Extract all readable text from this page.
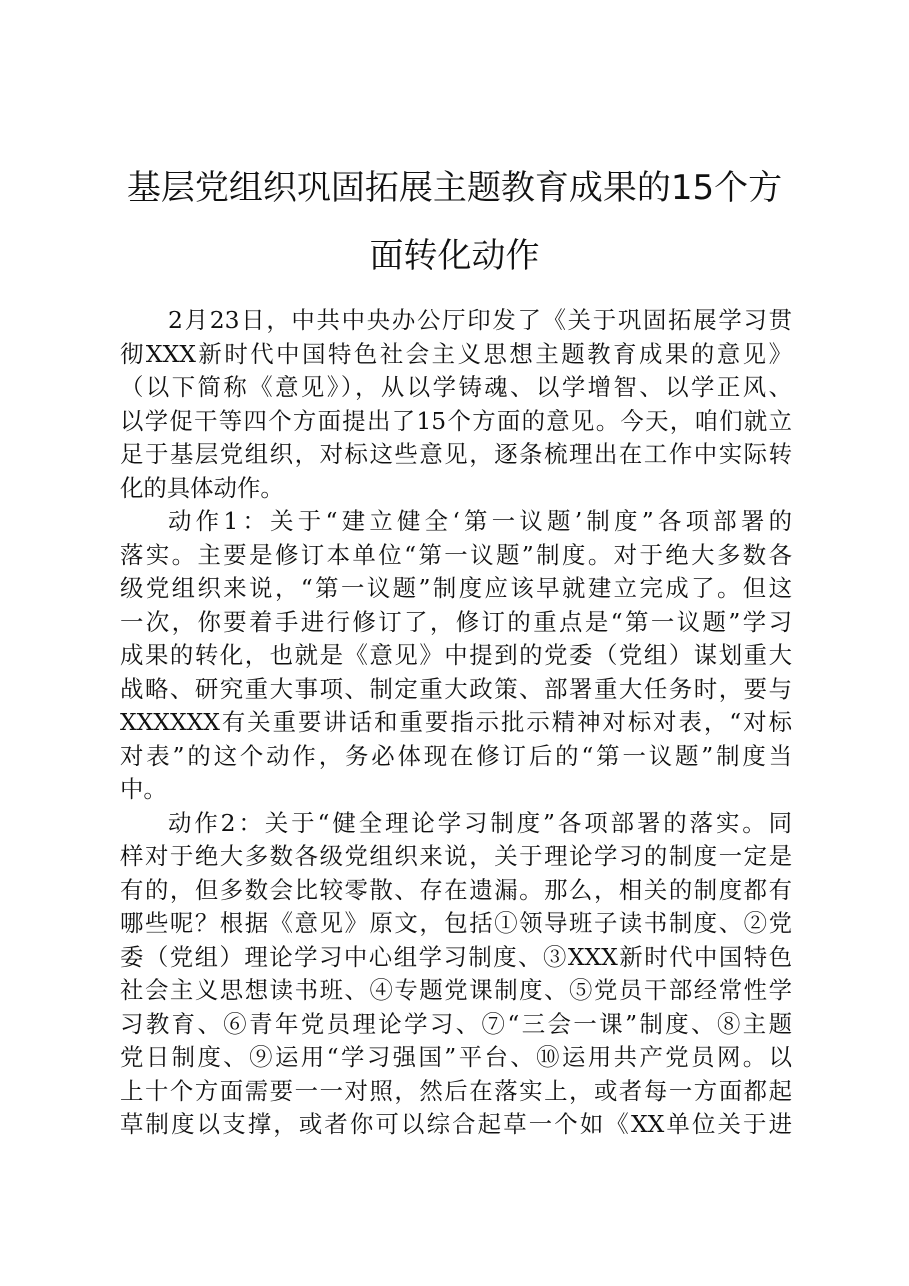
基层党组织巩固拓展主题教育成果的15个方
面转化动作
2月23日，中共中央办公厅印发了《关于巩固拓展学习贯
彻XXX新时代中国特色社会主义思想主题教育成果的意见》
（以下简称《意见》），从以学铸魂、以学增智、以学正风、
以学促干等四个方面提出了15个方面的意见。今天，咱们就立
足于基层党组织，对标这些意见，逐条梳理出在工作中实际转
化的具体动作。
动作1：关于“建立健全‘第一议题’制度”各项部署的
落实。主要是修订本单位“第一议题”制度。对于绝大多数各
级党组织来说，“第一议题”制度应该早就建立完成了。但这
一次，你要着手进行修订了，修订的重点是“第一议题”学习
成果的转化，也就是《意见》中提到的党委（党组）谋划重大
战略、研究重大事项、制定重大政策、部署重大任务时，要与
XXXXXX有关重要讲话和重要指示批示精神对标对表，“对标
对表”的这个动作，务必体现在修订后的“第一议题”制度当
中。
动作2：关于“健全理论学习制度”各项部署的落实。同
样对于绝大多数各级党组织来说，关于理论学习的制度一定是
有的，但多数会比较零散、存在遗漏。那么，相关的制度都有
哪些呢？根据《意见》原文，包括①领导班子读书制度、②党
委（党组）理论学习中心组学习制度、③XXX新时代中国特色
社会主义思想读书班、④专题党课制度、⑤党员干部经常性学
习教育、⑥青年党员理论学习、⑦“三会一课”制度、⑧主题
党日制度、⑨运用“学习强国”平台、⑩运用共产党员网。以
上十个方面需要一一对照，然后在落实上，或者每一方面都起
草制度以支撑，或者你可以综合起草一个如《XX单位关于进
